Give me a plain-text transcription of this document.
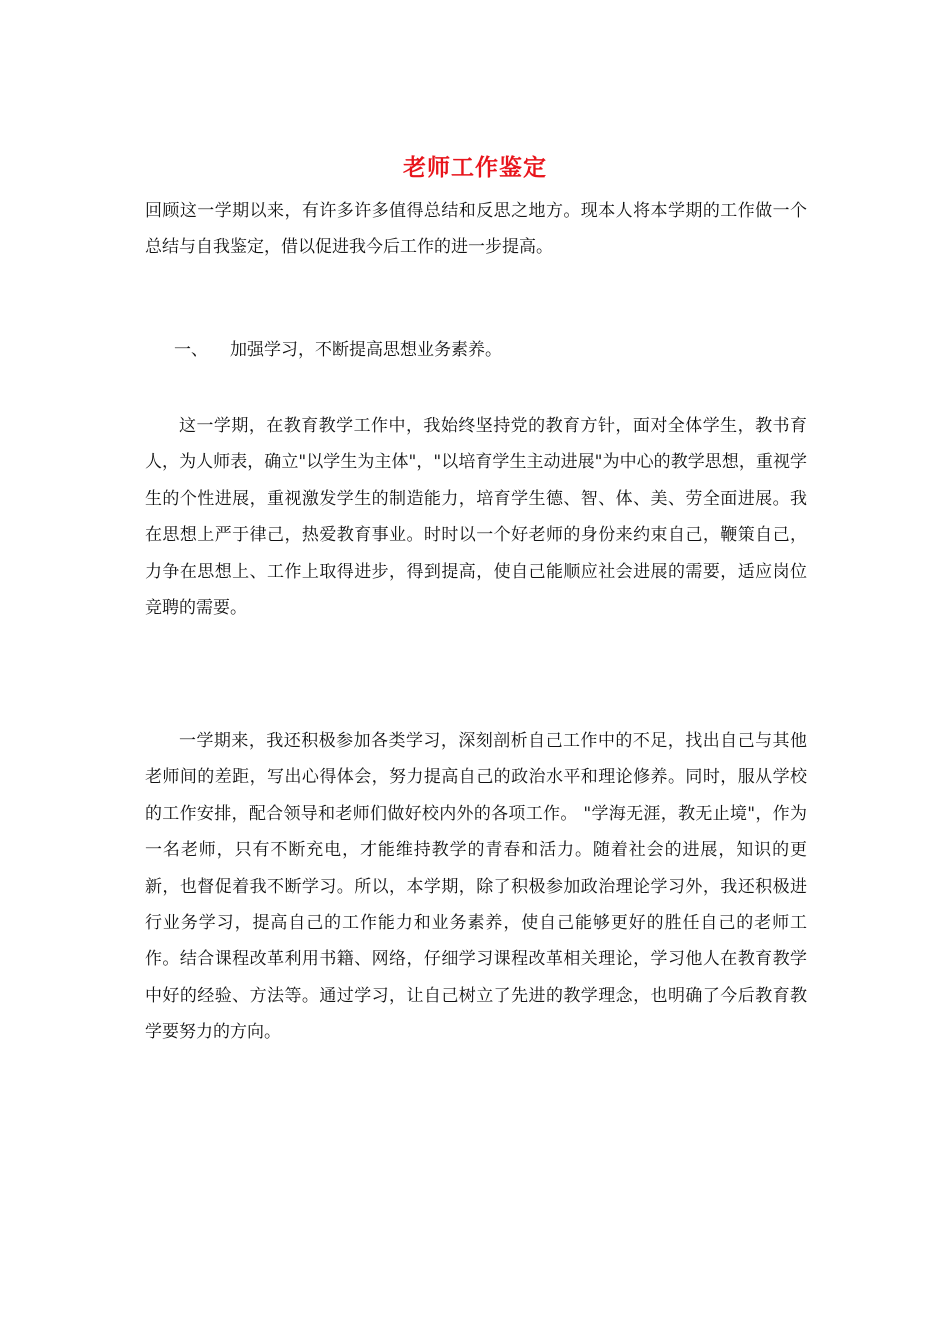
老师工作鉴定

回顾这一学期以来，有许多许多值得总结和反思之地方。现本人将本学期的工作做一个总结与自我鉴定，借以促进我今后工作的进一步提高。

一、 加强学习，不断提高思想业务素养。

这一学期，在教育教学工作中，我始终坚持党的教育方针，面对全体学生，教书育人，为人师表，确立"以学生为主体"，"以培育学生主动进展"为中心的教学思想，重视学生的个性进展，重视激发学生的制造能力，培育学生德、智、体、美、劳全面进展。我在思想上严于律己，热爱教育事业。时时以一个好老师的身份来约束自己，鞭策自己，力争在思想上、工作上取得进步，得到提高，使自己能顺应社会进展的需要，适应岗位竞聘的需要。

一学期来，我还积极参加各类学习，深刻剖析自己工作中的不足，找出自己与其他老师间的差距，写出心得体会，努力提高自己的政治水平和理论修养。同时，服从学校的工作安排，配合领导和老师们做好校内外的各项工作。 "学海无涯，教无止境"，作为一名老师，只有不断充电，才能维持教学的青春和活力。随着社会的进展，知识的更新，也督促着我不断学习。所以，本学期，除了积极参加政治理论学习外，我还积极进行业务学习，提高自己的工作能力和业务素养，使自己能够更好的胜任自己的老师工作。结合课程改革利用书籍、网络，仔细学习课程改革相关理论，学习他人在教育教学中好的经验、方法等。通过学习，让自己树立了先进的教学理念，也明确了今后教育教学要努力的方向。
